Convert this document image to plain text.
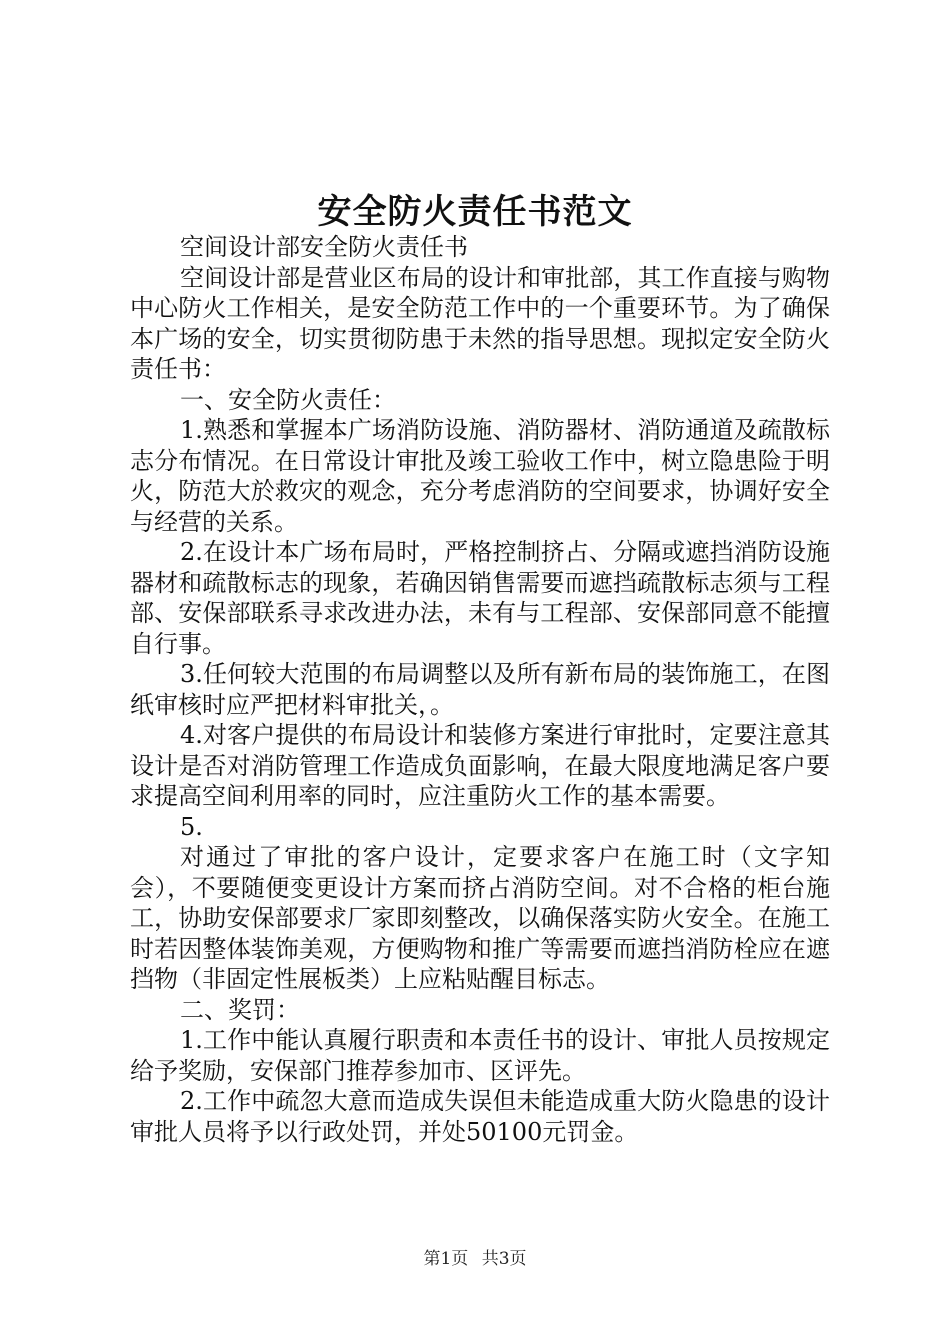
安全防火责任书范文

空间设计部安全防火责任书

空间设计部是营业区布局的设计和审批部，其工作直接与购物中心防火工作相关，是安全防范工作中的一个重要环节。为了确保本广场的安全，切实贯彻防患于未然的指导思想。现拟定安全防火责任书：

一、安全防火责任：

1.熟悉和掌握本广场消防设施、消防器材、消防通道及疏散标志分布情况。在日常设计审批及竣工验收工作中，树立隐患险于明火，防范大於救灾的观念，充分考虑消防的空间要求，协调好安全与经营的关系。

2.在设计本广场布局时，严格控制挤占、分隔或遮挡消防设施器材和疏散标志的现象，若确因销售需要而遮挡疏散标志须与工程部、安保部联系寻求改进办法，未有与工程部、安保部同意不能擅自行事。

3.任何较大范围的布局调整以及所有新布局的装饰施工，在图纸审核时应严把材料审批关，。

4.对客户提供的布局设计和装修方案进行审批时，定要注意其设计是否对消防管理工作造成负面影响，在最大限度地满足客户要求提高空间利用率的同时，应注重防火工作的基本需要。

5.

对通过了审批的客户设计，定要求客户在施工时（文字知会），不要随便变更设计方案而挤占消防空间。对不合格的柜台施工，协助安保部要求厂家即刻整改，以确保落实防火安全。在施工时若因整体装饰美观，方便购物和推广等需要而遮挡消防栓应在遮挡物（非固定性展板类）上应粘贴醒目标志。

二、奖罚：

1.工作中能认真履行职责和本责任书的设计、审批人员按规定给予奖励，安保部门推荐参加市、区评先。

2.工作中疏忽大意而造成失误但未能造成重大防火隐患的设计审批人员将予以行政处罚，并处50100元罚金。

第1页 共3页
